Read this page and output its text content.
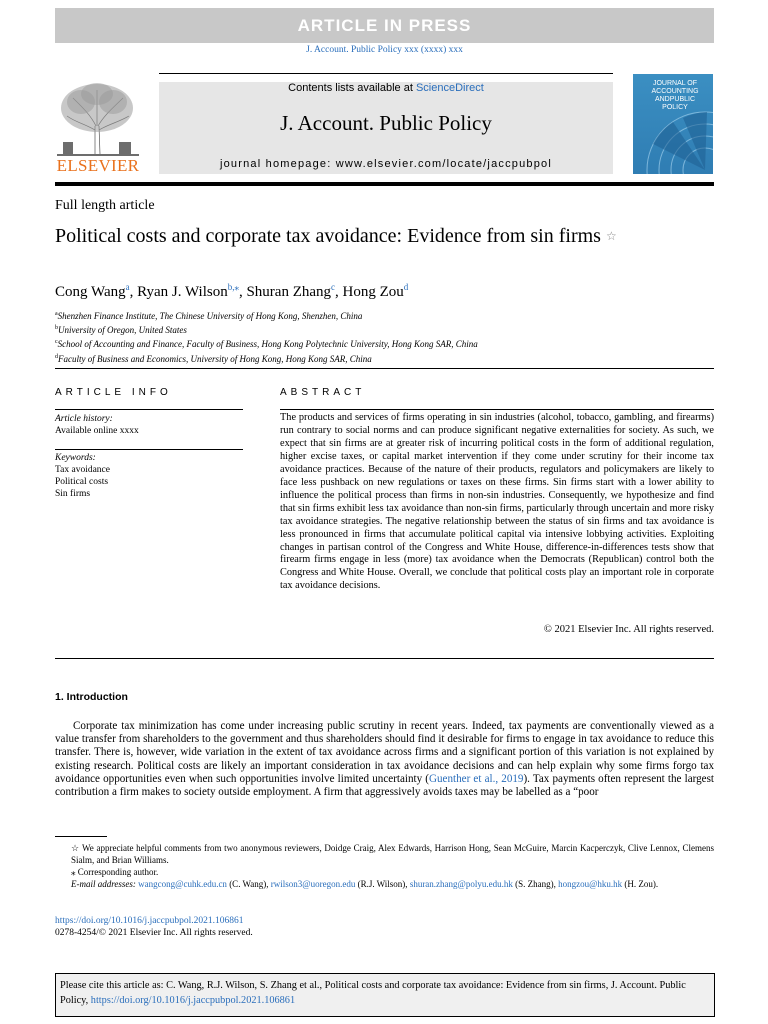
ARTICLE IN PRESS
J. Account. Public Policy xxx (xxxx) xxx
ELSEVIER
Contents lists available at ScienceDirect
J. Account. Public Policy
journal homepage: www.elsevier.com/locate/jaccpubpol
JOURNAL OF
ACCOUNTING
ANDPUBLIC
POLICY
Full length article
Political costs and corporate tax avoidance: Evidence from sin firms ☆
Cong Wang$^a$, Ryan J. Wilson$^{b,⁎}$, Shuran Zhang$^c$, Hong Zou$^d$
$^a$Shenzhen Finance Institute, The Chinese University of Hong Kong, Shenzhen, China
$^b$University of Oregon, United States
$^c$School of Accounting and Finance, Faculty of Business, Hong Kong Polytechnic University, Hong Kong SAR, China
$^d$Faculty of Business and Economics, University of Hong Kong, Hong Kong SAR, China
ARTICLE INFO
Article history:
Available online xxxx
Keywords:
Tax avoidance
Political costs
Sin firms
ABSTRACT
The products and services of firms operating in sin industries (alcohol, tobacco, gambling, and firearms) run contrary to social norms and can produce significant negative externalities for society. As such, we expect that sin firms are at greater risk of incurring political costs in the form of additional regulation, higher excise taxes, or capital market intervention if they come under scrutiny for their income tax avoidance practices. Because of the nature of their products, regulators and policymakers are likely to face less pushback on new regulations or taxes on these firms. Sin firms start with a lower ability to influence the political process than firms in non-sin industries. Consequently, we hypothesize and find that sin firms exhibit less tax avoidance than non-sin firms, particularly through uncertain and more risky tax avoidance strategies. The negative relationship between the status of sin firms and tax avoidance is less pronounced in firms that accumulate political capital via intensive lobbying activities. Exploiting changes in partisan control of the Congress and White House, difference-in-differences tests show that firearm firms engage in less (more) tax avoidance when the Democrats (Republican) control both the Congress and White House. Overall, we conclude that political costs play an important role in corporate tax avoidance decisions.
© 2021 Elsevier Inc. All rights reserved.
1. Introduction
Corporate tax minimization has come under increasing public scrutiny in recent years. Indeed, tax payments are conventionally viewed as a value transfer from shareholders to the government and thus shareholders should find it desirable for firms to engage in tax avoidance to reduce this transfer. There is, however, wide variation in the extent of tax avoidance across firms and a significant portion of this variation is not explained by existing research. Political costs are likely an important consideration in tax avoidance decisions and can help explain why some firms forgo tax avoidance opportunities even when such opportunities involve limited uncertainty (Guenther et al., 2019). Tax payments often represent the largest contribution a firm makes to society outside employment. A firm that aggressively avoids taxes may be labelled as a “poor
☆ We appreciate helpful comments from two anonymous reviewers, Doidge Craig, Alex Edwards, Harrison Hong, Sean McGuire, Marcin Kacperczyk, Clive Lennox, Clemens Sialm, and Brian Williams.
⁎ Corresponding author.
E-mail addresses: wangcong@cuhk.edu.cn (C. Wang), rwilson3@uoregon.edu (R.J. Wilson), shuran.zhang@polyu.edu.hk (S. Zhang), hongzou@hku.hk (H. Zou).
https://doi.org/10.1016/j.jaccpubpol.2021.106861
0278-4254/© 2021 Elsevier Inc. All rights reserved.
Please cite this article as: C. Wang, R.J. Wilson, S. Zhang et al., Political costs and corporate tax avoidance: Evidence from sin firms, J. Account. Public Policy, https://doi.org/10.1016/j.jaccpubpol.2021.106861
